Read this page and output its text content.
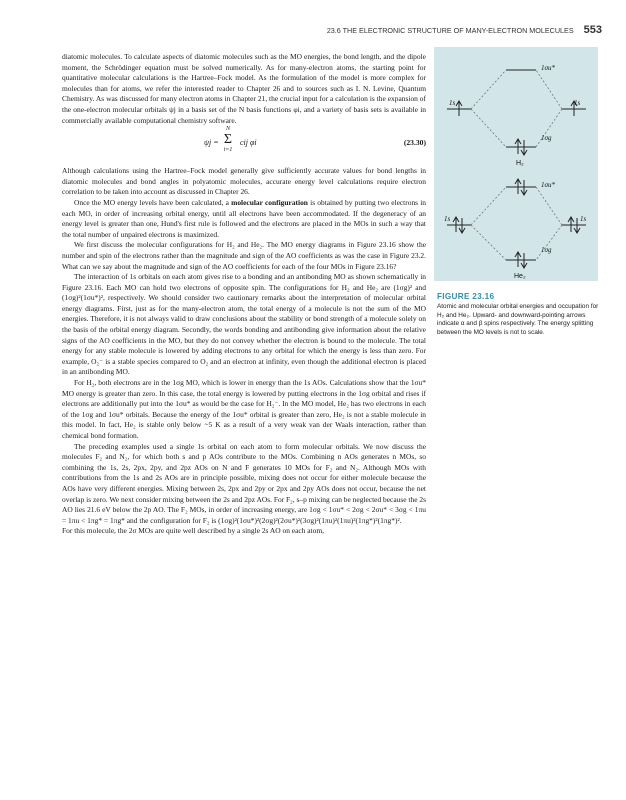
23.6 THE ELECTRONIC STRUCTURE OF MANY-ELECTRON MOLECULES 553

diatomic molecules. To calculate aspects of diatomic molecules such as the MO energies, the bond length, and the dipole moment, the Schrödinger equation must be solved numerically. As for many-electron atoms, the starting point for quantitative molecular calculations is the Hartree–Fock model. As the formulation of the model is more complex for molecules than for atoms, we refer the interested reader to Chapter 26 and to sources such as I. N. Levine, Quantum Chemistry. As was discussed for many electron atoms in Chapter 21, the crucial input for a calculation is the expansion of the one-electron molecular orbitals ψj in a basis set of the N basis functions φi, and a variety of basis sets is available in commercially available computational chemistry software.

ψj =
N
Σ
i=1
cij φi	(23.30)

Although calculations using the Hartree–Fock model generally give sufficiently accurate values for bond lengths in diatomic molecules and bond angles in polyatomic molecules, accurate energy level calculations require electron correlation to be taken into account as discussed in Chapter 26.

Once the MO energy levels have been calculated, a molecular configuration is obtained by putting two electrons in each MO, in order of increasing orbital energy, until all electrons have been accommodated. If the degeneracy of an energy level is greater than one, Hund's first rule is followed and the electrons are placed in the MOs in such a way that the total number of unpaired electrons is maximized.

We first discuss the molecular configurations for H₂ and He₂. The MO energy diagrams in Figure 23.16 show the number and spin of the electrons rather than the magnitude and sign of the AO coefficients as was the case in Figure 23.2. What can we say about the magnitude and sign of the AO coefficients for each of the four MOs in Figure 23.16?

The interaction of 1s orbitals on each atom gives rise to a bonding and an antibonding MO as shown schematically in Figure 23.16. Each MO can hold two electrons of opposite spin. The configurations for H₂ and He₂ are (1σg)² and (1σg)²(1σu*)², respectively. We should consider two cautionary remarks about the interpretation of molecular orbital energy diagrams. First, just as for the many-electron atom, the total energy of a molecule is not the sum of the MO energies. Therefore, it is not always valid to draw conclusions about the stability or bond strength of a molecule solely on the basis of the orbital energy diagram. Secondly, the words bonding and antibonding give information about the relative signs of the AO coefficients in the MO, but they do not convey whether the electron is bound to the molecule. The total energy for any stable molecule is lowered by adding electrons to any orbital for which the energy is less than zero. For example, O₂⁻ is a stable species compared to O₂ and an electron at infinity, even though the additional electron is placed in an antibonding MO.

For H₂, both electrons are in the 1σg MO, which is lower in energy than the 1s AOs. Calculations show that the 1σu* MO energy is greater than zero. In this case, the total energy is lowered by putting electrons in the 1σg orbital and rises if electrons are additionally put into the 1σu* as would be the case for H₂⁻. In the MO model, He₂ has two electrons in each of the 1σg and 1σu* orbitals. Because the energy of the 1σu* orbital is greater than zero, He₂ is not a stable molecule in this model. In fact, He₂ is stable only below ~5 K as a result of a very weak van der Waals interaction, rather than chemical bond formation.

The preceding examples used a single 1s orbital on each atom to form molecular orbitals. We now discuss the molecules F₂ and N₂, for which both s and p AOs contribute to the MOs. Combining n AOs generates n MOs, so combining the 1s, 2s, 2px, 2py, and 2pz AOs on N and F generates 10 MOs for F₂ and N₂. Although MOs with contributions from the 1s and 2s AOs are in principle possible, mixing does not occur for either molecule because the AOs have very different energies. Mixing between 2s, 2px and 2py or 2px and 2py AOs does not occur, because the net overlap is zero. We next consider mixing between the 2s and 2pz AOs. For F₂, s–p mixing can be neglected because the 2s AO lies 21.6 eV below the 2p AO. The F₂ MOs, in order of increasing energy, are 1σg < 1σu* < 2σg < 2σu* < 3σg < 1πu = 1πu < 1πg* = 1πg* and the configuration for F₂ is (1σg)²(1σu*)²(2σg)²(2σu*)²(3σg)²(1πu)²(1πu)²(1πg*)²(1πg*)².

For this molecule, the 2σ MOs are quite well described by a single 2s AO on each atom,

1σu*
1s	1s
1σg
H₂
1σu*
1s	1s
1σg
He₂
FIGURE 23.16
Atomic and molecular orbital energies and occupation for H₂ and He₂. Upward- and downward-pointing arrows indicate α and β spins respectively. The energy splitting between the MO levels is not to scale.
